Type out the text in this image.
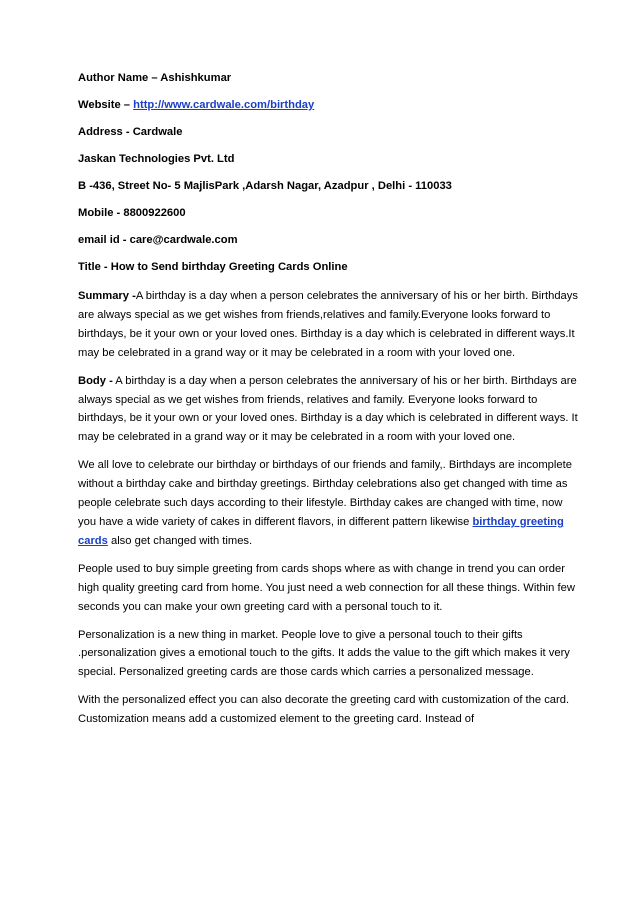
Author Name – Ashishkumar
Website – http://www.cardwale.com/birthday
Address - Cardwale
Jaskan Technologies Pvt. Ltd
B -436, Street No- 5 MajlisPark ,Adarsh Nagar, Azadpur , Delhi - 110033
Mobile - 8800922600
email id - care@cardwale.com
Title - How to Send birthday Greeting Cards Online

Summary -A birthday is a day when a person celebrates the anniversary of his or her birth. Birthdays are always special as we get wishes from friends,relatives and family.Everyone looks forward to birthdays, be it your own or your loved ones. Birthday is a day which is celebrated in different ways.It may be celebrated in a grand way or it may be celebrated in a room with your loved one.

Body - A birthday is a day when a person celebrates the anniversary of his or her birth. Birthdays are always special as we get wishes from friends, relatives and family. Everyone looks forward to birthdays, be it your own or your loved ones. Birthday is a day which is celebrated in different ways. It may be celebrated in a grand way or it may be celebrated in a room with your loved one.

We all love to celebrate our birthday or birthdays of our friends and family,. Birthdays are incomplete without a birthday cake and birthday greetings. Birthday celebrations also get changed with time as people celebrate such days according to their lifestyle. Birthday cakes are changed with time, now you have a wide variety of cakes in different flavors, in different pattern likewise birthday greeting cards also get changed with times.

People used to buy simple greeting from cards shops where as with change in trend you can order high quality greeting card from home. You just need a web connection for all these things. Within few seconds you can make your own greeting card with a personal touch to it.

Personalization is a new thing in market. People love to give a personal touch to their gifts .personalization gives a emotional touch to the gifts. It adds the value to the gift which makes it very special. Personalized greeting cards are those cards which carries a personalized message.

With the personalized effect you can also decorate the greeting card with customization of the card. Customization means add a customized element to the greeting card. Instead of
